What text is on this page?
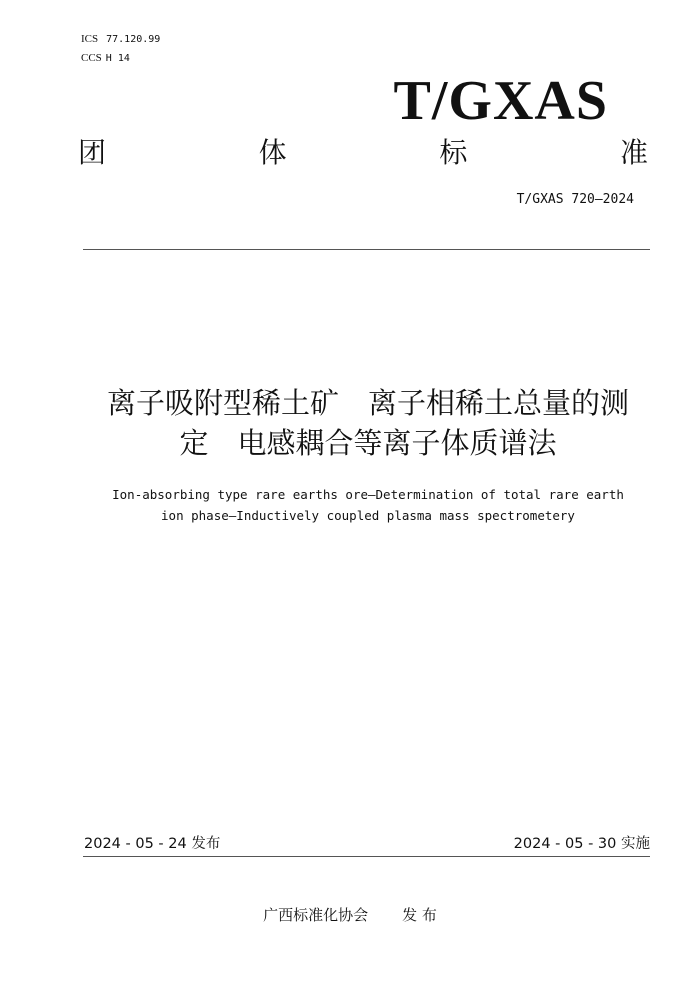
ICS 77.120.99
CCS H 14
T/GXAS
团	体	标	准
T/GXAS 720—2024
离子吸附型稀土矿　离子相稀土总量的测
定　电感耦合等离子体质谱法
Ion-absorbing type rare earths ore—Determination of total rare earth
ion phase—Inductively coupled plasma mass spectrometery
2024 - 05 - 24 发布	2024 - 05 - 30 实施
广西标准化协会 发 布
